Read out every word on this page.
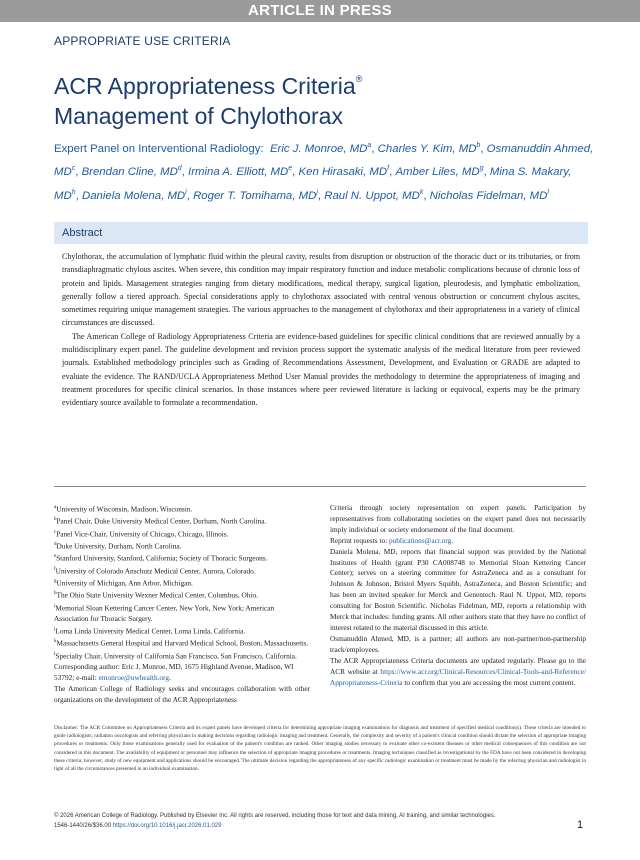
ARTICLE IN PRESS
APPROPRIATE USE CRITERIA
ACR Appropriateness Criteria®
Management of Chylothorax
Expert Panel on Interventional Radiology: Eric J. Monroe, $MD^a$, Charles Y. Kim, $MD^b$, Osmanuddin Ahmed, $MD^c$, Brendan Cline, $MD^d$, Irmina A. Elliott, MDe, Ken Hirasaki, $MD^f$, Amber Liles, $MD^g$, Mina S. Makary, $MD^h$, Daniela Molena, $MD^i$, Roger T. Tomihama, $MD^j$, Raul N. Uppot, $MD^k$, Nicholas Fidelman, $MD^l$
Abstract

Chylothorax, the accumulation of lymphatic fluid within the pleural cavity, results from disruption or obstruction of the thoracic duct or its tributaries, or from transdiaphragmatic chylous ascites. When severe, this condition may impair respiratory function and induce metabolic complications because of chronic loss of protein and lipids. Management strategies ranging from dietary modifications, medical therapy, surgical ligation, pleurodesis, and lymphatic embolization, generally follow a tiered approach. Special considerations apply to chylothorax associated with central venous obstruction or concurrent chylous ascites, sometimes requiring unique management strategies. The various approaches to the management of chylothorax and their appropriateness in a variety of clinical circumstances are discussed.

The American College of Radiology Appropriateness Criteria are evidence-based guidelines for specific clinical conditions that are reviewed annually by a multidisciplinary expert panel. The guideline development and revision process support the systematic analysis of the medical literature from peer reviewed journals. Established methodology principles such as Grading of Recommendations Assessment, Development, and Evaluation or GRADE are adapted to evaluate the evidence. The RAND/UCLA Appropriateness Method User Manual provides the methodology to determine the appropriateness of imaging and treatment procedures for specific clinical scenarios. In those instances where peer reviewed literature is lacking or equivocal, experts may be the primary evidentiary source available to formulate a recommendation.

$^a$University of Wisconsin, Madison, Wisconsin.

$^b$Panel Chair, Duke University Medical Center, Durham, North Carolina.

$^c$Panel Vice-Chair, University of Chicago, Chicago, Illinois.

$^d$Duke University, Durham, North Carolina.

$^e$Stanford University, Stanford, California; Society of Thoracic Surgeons.

$^f$University of Colorado Anschutz Medical Center, Aurora, Colorado.

$^g$University of Michigan, Ann Arbor, Michigan.

$^h$The Ohio State University Wexner Medical Center, Columbus, Ohio.

$^i$Memorial Sloan Kettering Cancer Center, New York, New York; American Association for Thoracic Surgery.

$^j$Loma Linda University Medical Center, Loma Linda, California.

$^k$Massachusetts General Hospital and Harvard Medical School, Boston, Massachusetts.

$^l$Specialty Chair, University of California San Francisco, San Francisco, California.

Corresponding author: Eric J. Monroe, MD, 1675 Highland Avenue, Madison, WI 53792; e-mail: emonroe@uwhealth.org.

The American College of Radiology seeks and encourages collaboration with other organizations on the development of the ACR Appropriateness

Criteria through society representation on expert panels. Participation by representatives from collaborating societies on the expert panel does not necessarily imply individual or society endorsement of the final document.

Reprint requests to: publications@acr.org.

Daniela Molena, MD, reports that financial support was provided by the National Institutes of Health (grant P30 CA008748 to Memorial Sloan Kettering Cancer Center); serves on a steering committee for AstraZeneca and as a consultant for Johnson & Johnson, Bristol Myers Squibb, AstraZeneca, and Boston Scientific; and has been an invited speaker for Merck and Genentech. Raul N. Uppot, MD, reports consulting for Boston Scientific. Nicholas Fidelman, MD, reports a relationship with Merck that includes: funding grants. All other authors state that they have no conflict of interest related to the material discussed in this article.

Osmanuddin Ahmed, MD, is a partner; all authors are non-partner/non-partnership track/employees.

The ACR Appropriateness Criteria documents are updated regularly. Please go to the ACR website at https://www.acr.org/Clinical-Resources/Clinical-Tools-and-Reference/Appropriateness-Criteria to confirm that you are accessing the most current content.

Disclaimer: The ACR Committee on Appropriateness Criteria and its expert panels have developed criteria for determining appropriate imaging examinations for diagnosis and treatment of specified medical condition(s). These criteria are intended to guide radiologists, radiation oncologists and referring physicians in making decisions regarding radiologic imaging and treatment. Generally, the complexity and severity of a patient's clinical condition should dictate the selection of appropriate imaging procedures or treatments. Only those examinations generally used for evaluation of the patient's condition are ranked. Other imaging studies necessary to evaluate other co-existent diseases or other medical consequences of this condition are not considered in this document. The availability of equipment or personnel may influence the selection of appropriate imaging procedures or treatments. Imaging techniques classified as investigational by the FDA have not been considered in developing these criteria; however, study of new equipment and applications should be encouraged. The ultimate decision regarding the appropriateness of any specific radiologic examination or treatment must be made by the referring physician and radiologist in light of all the circumstances presented in an individual examination.
© 2026 American College of Radiology. Published by Elsevier Inc. All rights are reserved, including those for text and data mining, AI training, and similar technologies.
1546-1440/26/$36.00 https://doi.org/10.1016/j.jacr.2026.01.029	1
